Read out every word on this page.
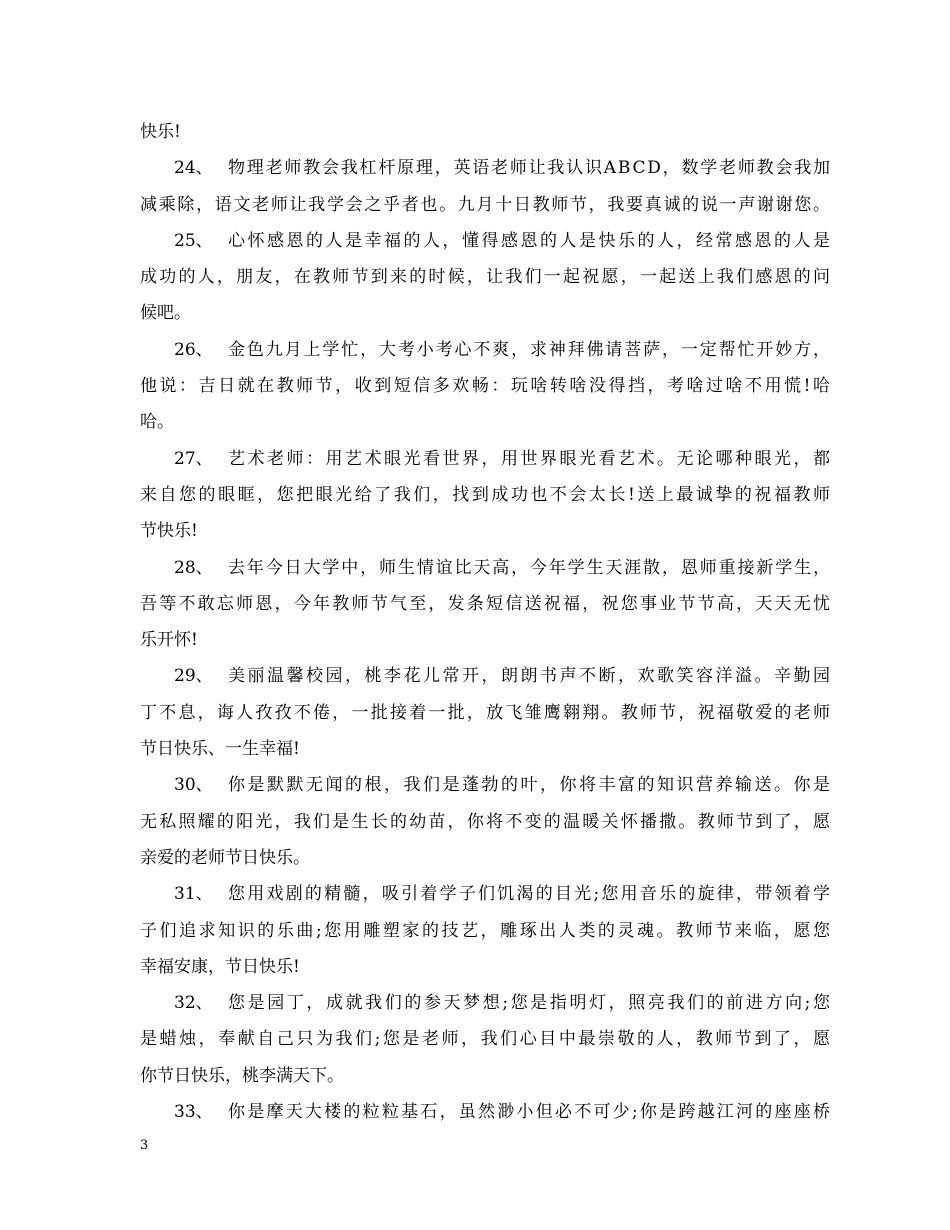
快乐!
24、 物理老师教会我杠杆原理，英语老师让我认识ABCD，数学老师教会我加
减乘除，语文老师让我学会之乎者也。九月十日教师节，我要真诚的说一声谢谢您。
25、 心怀感恩的人是幸福的人，懂得感恩的人是快乐的人，经常感恩的人是
成功的人，朋友，在教师节到来的时候，让我们一起祝愿，一起送上我们感恩的问
候吧。
26、 金色九月上学忙，大考小考心不爽，求神拜佛请菩萨，一定帮忙开妙方，
他说：吉日就在教师节，收到短信多欢畅：玩啥转啥没得挡，考啥过啥不用慌!哈
哈。
27、 艺术老师：用艺术眼光看世界，用世界眼光看艺术。无论哪种眼光，都
来自您的眼眶，您把眼光给了我们，找到成功也不会太长!送上最诚挚的祝福教师
节快乐!
28、 去年今日大学中，师生情谊比天高，今年学生天涯散，恩师重接新学生，
吾等不敢忘师恩，今年教师节气至，发条短信送祝福，祝您事业节节高，天天无忧
乐开怀!
29、 美丽温馨校园，桃李花儿常开，朗朗书声不断，欢歌笑容洋溢。辛勤园
丁不息，诲人孜孜不倦，一批接着一批，放飞雏鹰翱翔。教师节，祝福敬爱的老师
节日快乐、一生幸福!
30、 你是默默无闻的根，我们是蓬勃的叶，你将丰富的知识营养输送。你是
无私照耀的阳光，我们是生长的幼苗，你将不变的温暖关怀播撒。教师节到了，愿
亲爱的老师节日快乐。
31、 您用戏剧的精髓，吸引着学子们饥渴的目光;您用音乐的旋律，带领着学
子们追求知识的乐曲;您用雕塑家的技艺，雕琢出人类的灵魂。教师节来临，愿您
幸福安康，节日快乐!
32、 您是园丁，成就我们的参天梦想;您是指明灯，照亮我们的前进方向;您
是蜡烛，奉献自己只为我们;您是老师，我们心目中最崇敬的人，教师节到了，愿
你节日快乐，桃李满天下。
33、 你是摩天大楼的粒粒基石，虽然渺小但必不可少;你是跨越江河的座座桥
3
